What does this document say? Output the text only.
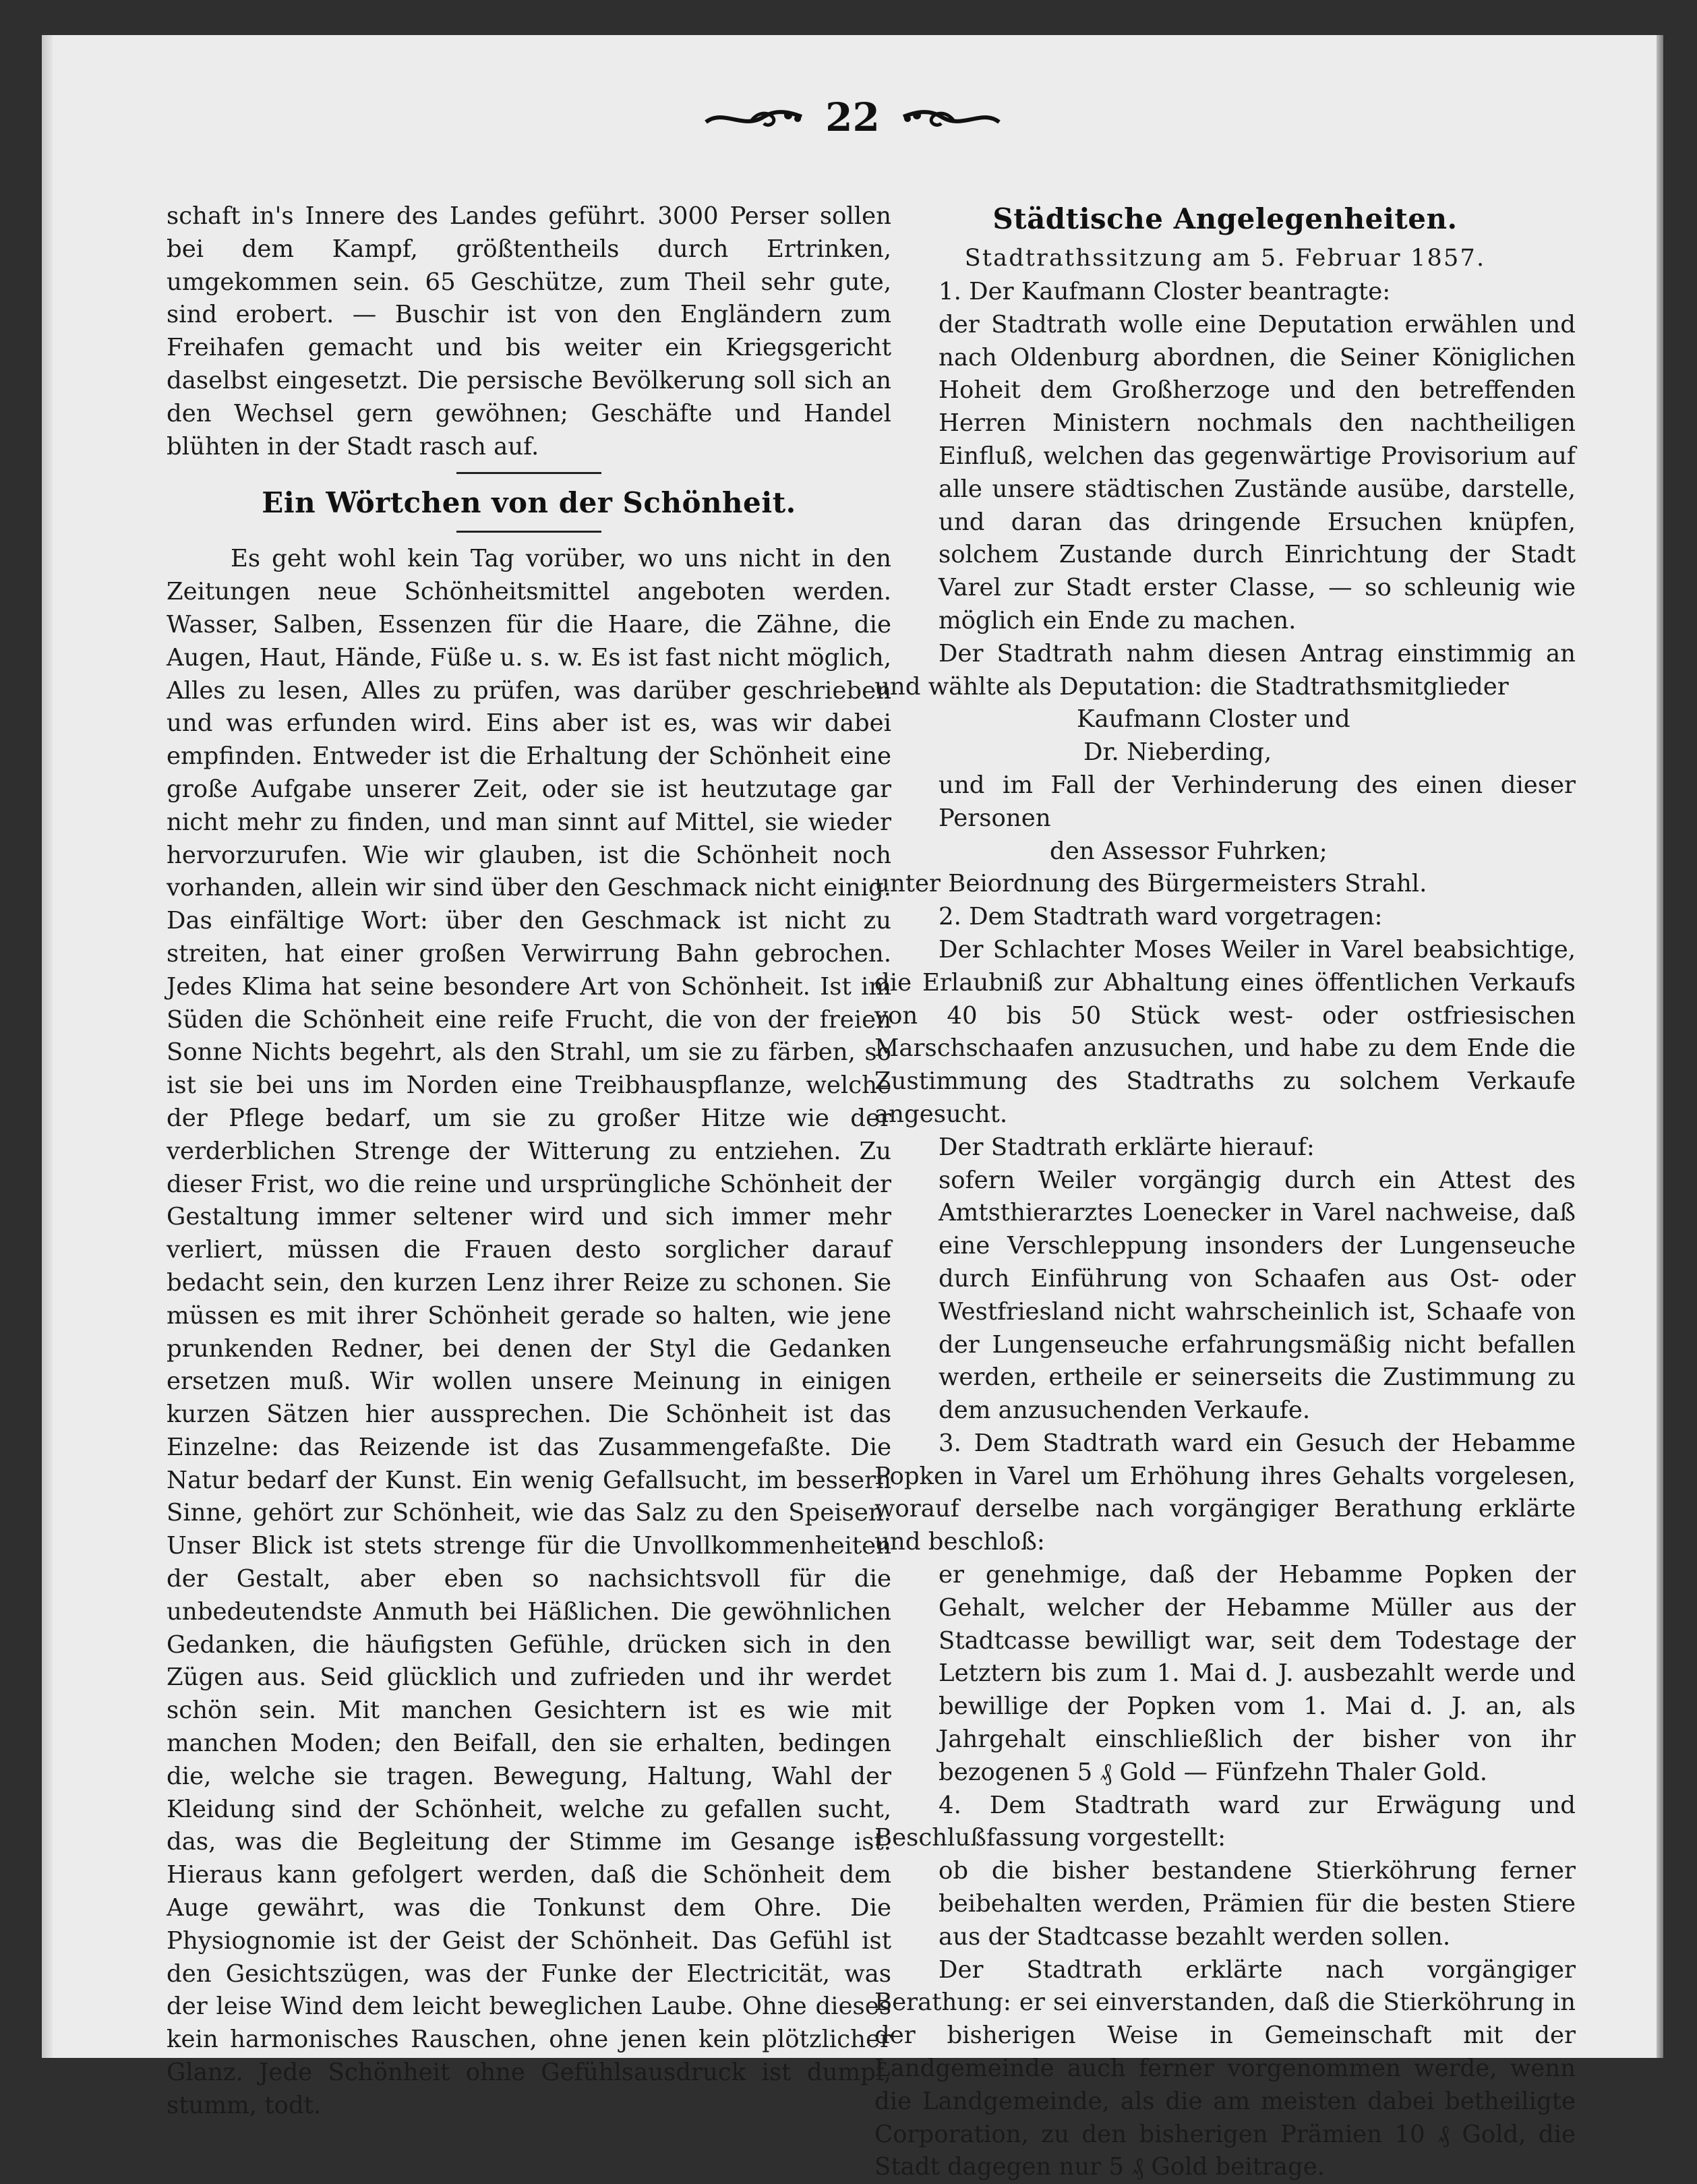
22

schaft in's Innere des Landes geführt. 3000 Perser sollen bei dem Kampf, größtentheils durch Ertrinken, umgekommen sein. 65 Geschütze, zum Theil sehr gute, sind erobert. — Buschir ist von den Engländern zum Freihafen gemacht und bis weiter ein Kriegsgericht daselbst eingesetzt. Die persische Bevölkerung soll sich an den Wechsel gern gewöhnen; Geschäfte und Handel blühten in der Stadt rasch auf.

Ein Wörtchen von der Schönheit.

Es geht wohl kein Tag vorüber, wo uns nicht in den Zeitungen neue Schönheitsmittel angeboten werden. Wasser, Salben, Essenzen für die Haare, die Zähne, die Augen, Haut, Hände, Füße u. s. w. Es ist fast nicht möglich, Alles zu lesen, Alles zu prüfen, was darüber geschrieben und was erfunden wird. Eins aber ist es, was wir dabei empfinden. Entweder ist die Erhaltung der Schönheit eine große Aufgabe unserer Zeit, oder sie ist heutzutage gar nicht mehr zu finden, und man sinnt auf Mittel, sie wieder hervorzurufen. Wie wir glauben, ist die Schönheit noch vorhanden, allein wir sind über den Geschmack nicht einig. Das einfältige Wort: über den Geschmack ist nicht zu streiten, hat einer großen Verwirrung Bahn gebrochen. Jedes Klima hat seine besondere Art von Schönheit. Ist im Süden die Schönheit eine reife Frucht, die von der freien Sonne Nichts begehrt, als den Strahl, um sie zu färben, so ist sie bei uns im Norden eine Treibhauspflanze, welche der Pflege bedarf, um sie zu großer Hitze wie der verderblichen Strenge der Witterung zu entziehen. Zu dieser Frist, wo die reine und ursprüngliche Schönheit der Gestaltung immer seltener wird und sich immer mehr verliert, müssen die Frauen desto sorglicher darauf bedacht sein, den kurzen Lenz ihrer Reize zu schonen. Sie müssen es mit ihrer Schönheit gerade so halten, wie jene prunkenden Redner, bei denen der Styl die Gedanken ersetzen muß. Wir wollen unsere Meinung in einigen kurzen Sätzen hier aussprechen. Die Schönheit ist das Einzelne: das Reizende ist das Zusammengefaßte. Die Natur bedarf der Kunst. Ein wenig Gefallsucht, im bessern Sinne, gehört zur Schönheit, wie das Salz zu den Speisen. Unser Blick ist stets strenge für die Unvollkommenheiten der Gestalt, aber eben so nachsichtsvoll für die unbedeutendste Anmuth bei Häßlichen. Die gewöhnlichen Gedanken, die häufigsten Gefühle, drücken sich in den Zügen aus. Seid glücklich und zufrieden und ihr werdet schön sein. Mit manchen Gesichtern ist es wie mit manchen Moden; den Beifall, den sie erhalten, bedingen die, welche sie tragen. Bewegung, Haltung, Wahl der Kleidung sind der Schönheit, welche zu gefallen sucht, das, was die Begleitung der Stimme im Gesange ist. Hieraus kann gefolgert werden, daß die Schönheit dem Auge gewährt, was die Tonkunst dem Ohre. Die Physiognomie ist der Geist der Schönheit. Das Gefühl ist den Gesichtszügen, was der Funke der Electricität, was der leise Wind dem leicht beweglichen Laube. Ohne dieses kein harmonisches Rauschen, ohne jenen kein plötzlicher Glanz. Jede Schönheit ohne Gefühlsausdruck ist dumpf, stumm, todt.

Städtische Angelegenheiten.

Stadtrathssitzung am 5. Februar 1857.

1. Der Kaufmann Closter beantragte:

der Stadtrath wolle eine Deputation erwählen und nach Oldenburg abordnen, die Seiner Königlichen Hoheit dem Großherzoge und den betreffenden Herren Ministern nochmals den nachtheiligen Einfluß, welchen das gegenwärtige Provisorium auf alle unsere städtischen Zustände ausübe, darstelle, und daran das dringende Ersuchen knüpfen, solchem Zustande durch Einrichtung der Stadt Varel zur Stadt erster Classe, — so schleunig wie möglich ein Ende zu machen.

Der Stadtrath nahm diesen Antrag einstimmig an und wählte als Deputation: die Stadtrathsmitglieder

Kaufmann Closter und

Dr. Nieberding,

und im Fall der Verhinderung des einen dieser Personen

den Assessor Fuhrken;

unter Beiordnung des Bürgermeisters Strahl.

2. Dem Stadtrath ward vorgetragen:

Der Schlachter Moses Weiler in Varel beabsichtige, die Erlaubniß zur Abhaltung eines öffentlichen Verkaufs von 40 bis 50 Stück west- oder ostfriesischen Marschschaafen anzusuchen, und habe zu dem Ende die Zustimmung des Stadtraths zu solchem Verkaufe angesucht.

Der Stadtrath erklärte hierauf:

sofern Weiler vorgängig durch ein Attest des Amtsthierarztes Loenecker in Varel nachweise, daß eine Verschleppung insonders der Lungenseuche durch Einführung von Schaafen aus Ost- oder Westfriesland nicht wahrscheinlich ist, Schaafe von der Lungenseuche erfahrungsmäßig nicht befallen werden, ertheile er seinerseits die Zustimmung zu dem anzusuchenden Verkaufe.

3. Dem Stadtrath ward ein Gesuch der Hebamme Popken in Varel um Erhöhung ihres Gehalts vorgelesen, worauf derselbe nach vorgängiger Berathung erklärte und beschloß:

er genehmige, daß der Hebamme Popken der Gehalt, welcher der Hebamme Müller aus der Stadtcasse bewilligt war, seit dem Todestage der Letztern bis zum 1. Mai d. J. ausbezahlt werde und bewillige der Popken vom 1. Mai d. J. an, als Jahrgehalt einschließlich der bisher von ihr bezogenen 5 ₰ Gold — Fünfzehn Thaler Gold.

4. Dem Stadtrath ward zur Erwägung und Beschlußfassung vorgestellt:

ob die bisher bestandene Stierköhrung ferner beibehalten werden, Prämien für die besten Stiere aus der Stadtcasse bezahlt werden sollen.

Der Stadtrath erklärte nach vorgängiger Berathung: er sei einverstanden, daß die Stierköhrung in der bisherigen Weise in Gemeinschaft mit der Landgemeinde auch ferner vorgenommen werde, wenn die Landgemeinde, als die am meisten dabei betheiligte Corporation, zu den bisherigen Prämien 10 ₰ Gold, die Stadt dagegen nur 5 ₰ Gold beitrage.
